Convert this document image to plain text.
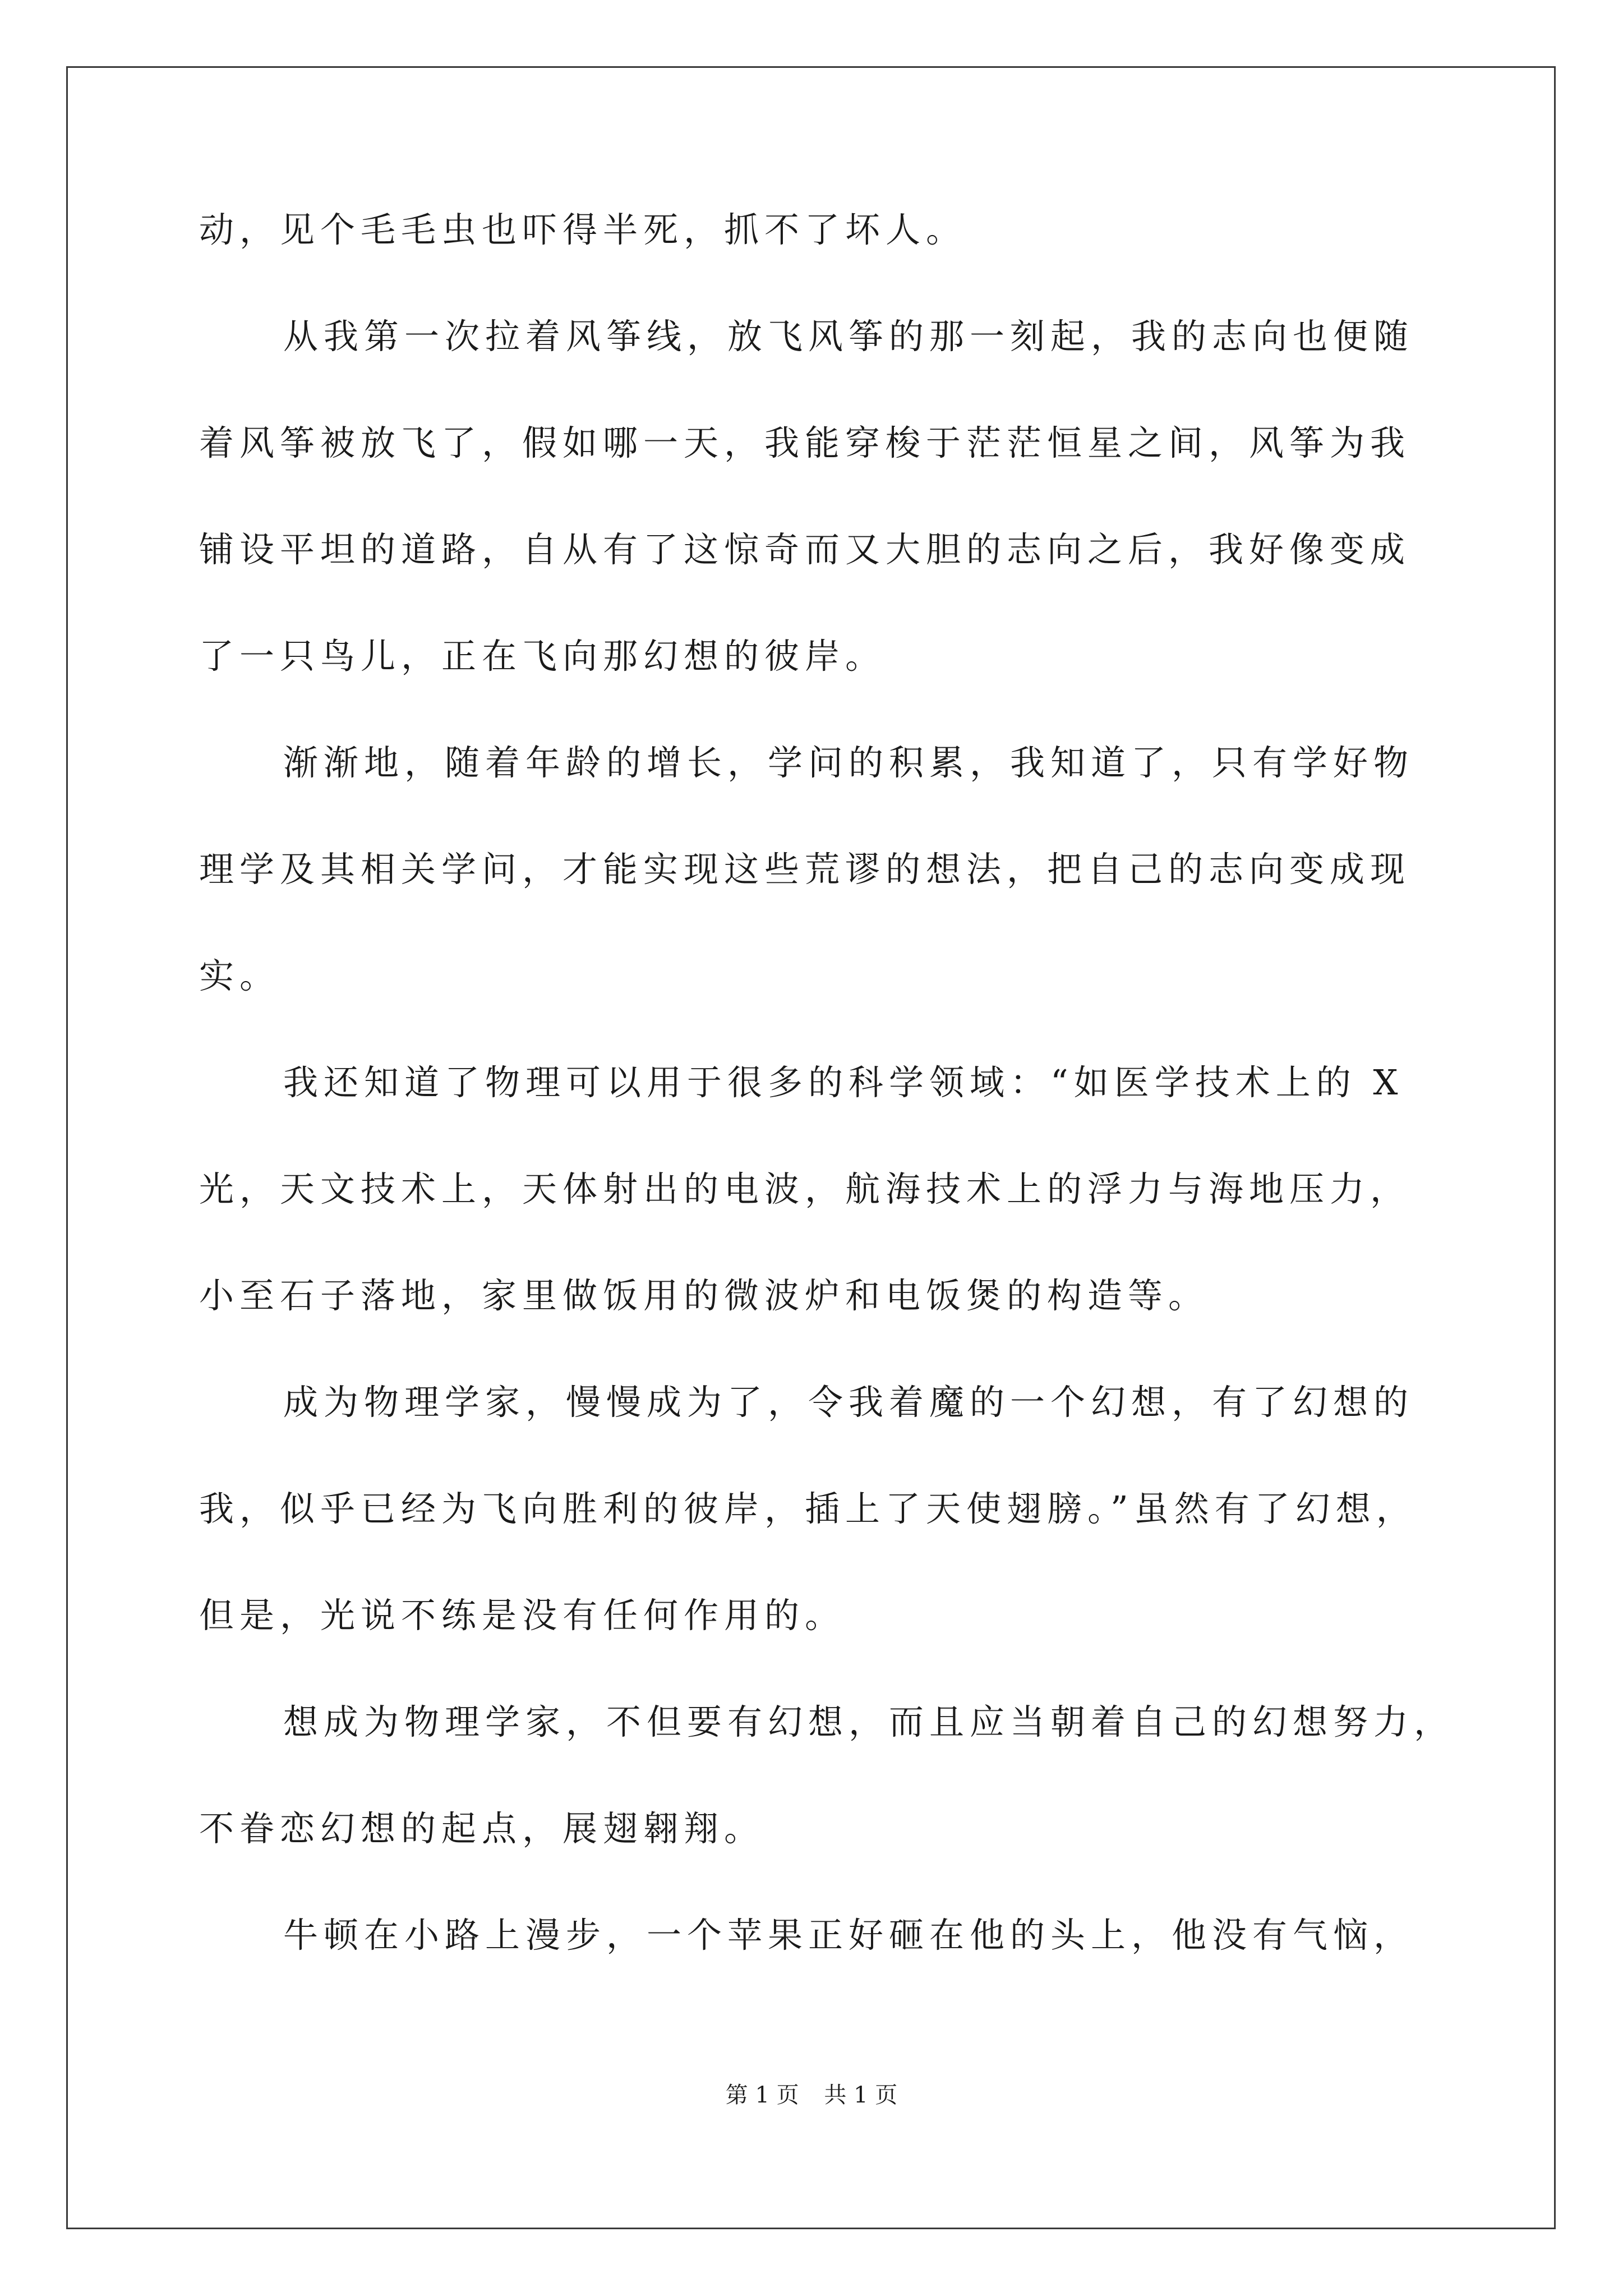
动，见个毛毛虫也吓得半死，抓不了坏人。
从我第一次拉着风筝线，放飞风筝的那一刻起，我的志向也便随
着风筝被放飞了，假如哪一天，我能穿梭于茫茫恒星之间，风筝为我
铺设平坦的道路，自从有了这惊奇而又大胆的志向之后，我好像变成
了一只鸟儿，正在飞向那幻想的彼岸。
渐渐地，随着年龄的增长，学问的积累，我知道了，只有学好物
理学及其相关学问，才能实现这些荒谬的想法，把自己的志向变成现
实。
我还知道了物理可以用于很多的科学领域：“如医学技术上的 X
光，天文技术上，天体射出的电波，航海技术上的浮力与海地压力，
小至石子落地，家里做饭用的微波炉和电饭煲的构造等。
成为物理学家，慢慢成为了，令我着魔的一个幻想，有了幻想的
我，似乎已经为飞向胜利的彼岸，插上了天使翅膀。”虽然有了幻想，
但是，光说不练是没有任何作用的。
想成为物理学家，不但要有幻想，而且应当朝着自己的幻想努力，
不眷恋幻想的起点，展翅翱翔。
牛顿在小路上漫步，一个苹果正好砸在他的头上，他没有气恼，
第 1 页 共 1 页
